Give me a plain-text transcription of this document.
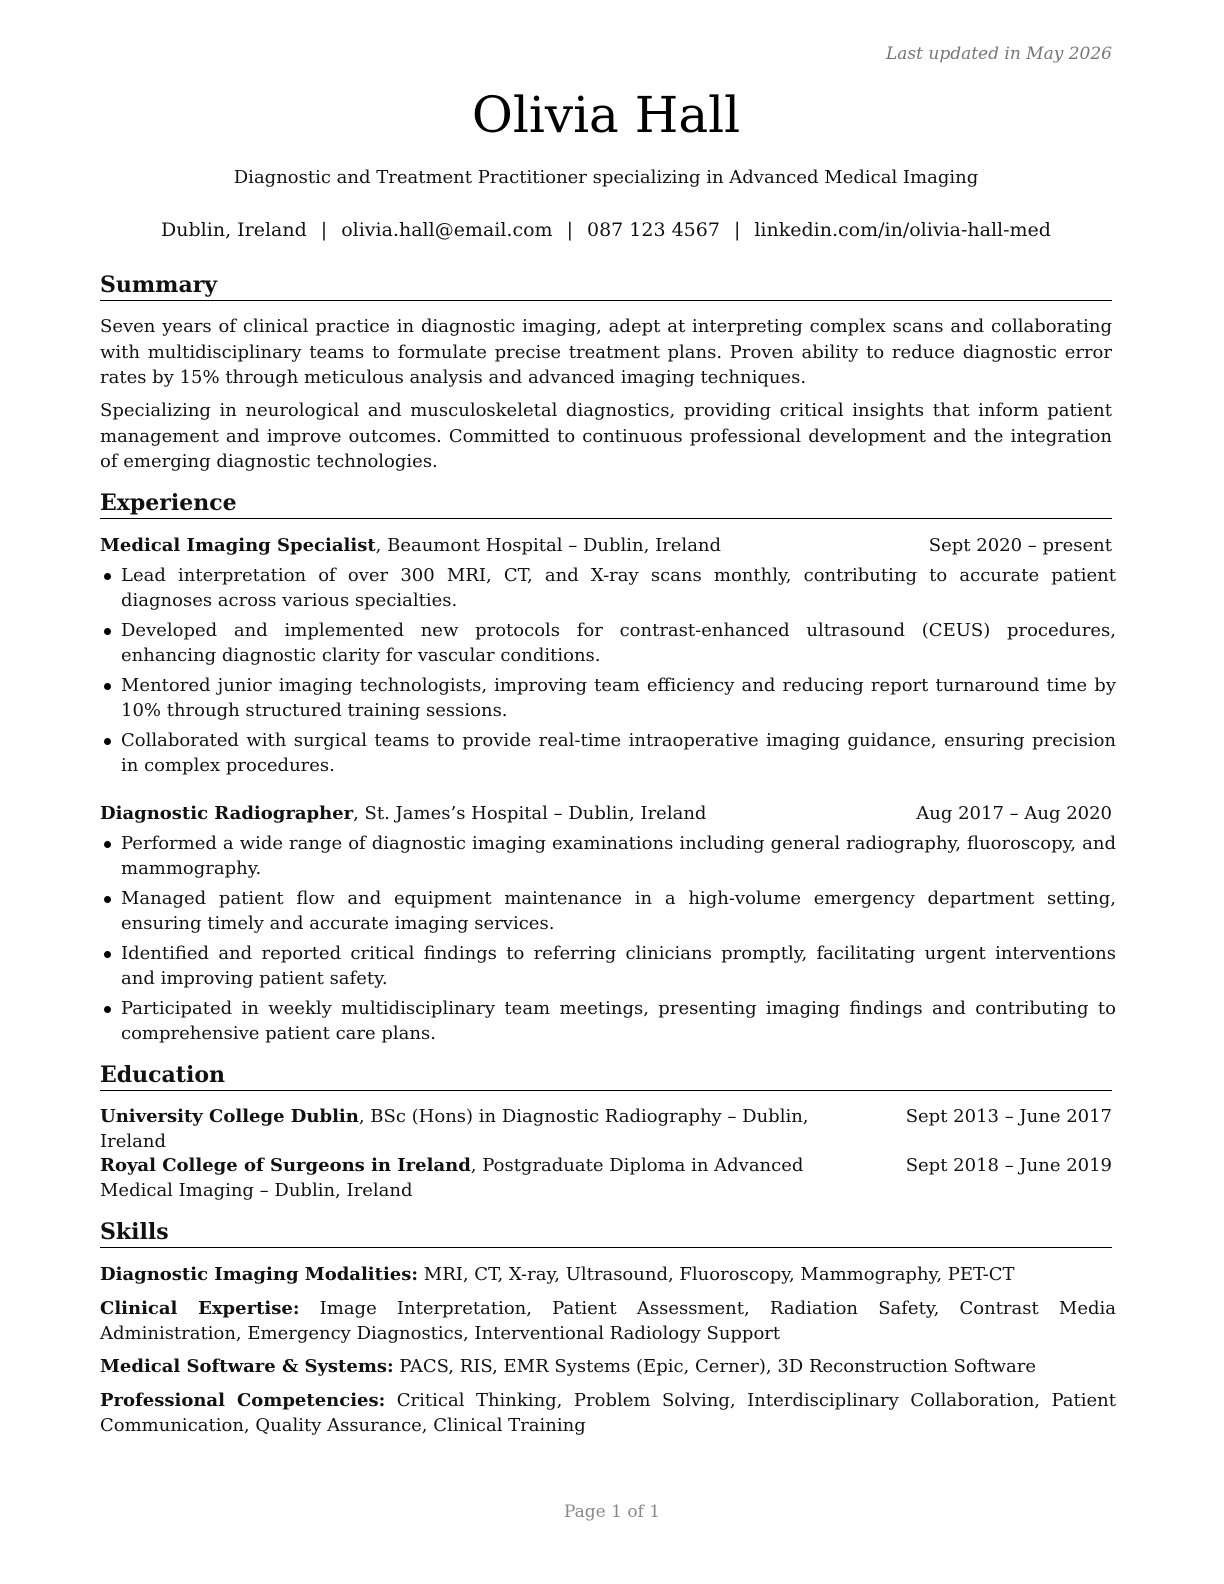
Last updated in May 2026
Olivia Hall
Diagnostic and Treatment Practitioner specializing in Advanced Medical Imaging
Dublin, Ireland | olivia.hall@email.com | 087 123 4567 | linkedin.com/in/olivia-hall-med
Summary
Seven years of clinical practice in diagnostic imaging, adept at interpreting complex scans and collaborating with multidisciplinary teams to formulate precise treatment plans. Proven ability to reduce diagnostic error rates by 15% through meticulous analysis and advanced imaging techniques.
Specializing in neurological and musculoskeletal diagnostics, providing critical insights that inform patient management and improve outcomes. Committed to continuous professional development and the integration of emerging diagnostic technologies.
Experience
Medical Imaging Specialist, Beaumont Hospital – Dublin, Ireland	Sept 2020 – present
Lead interpretation of over 300 MRI, CT, and X-ray scans monthly, contributing to accurate patient diagnoses across various specialties.
Developed and implemented new protocols for contrast-enhanced ultrasound (CEUS) procedures, enhancing diagnostic clarity for vascular conditions.
Mentored junior imaging technologists, improving team efficiency and reducing report turnaround time by 10% through structured training sessions.
Collaborated with surgical teams to provide real-time intraoperative imaging guidance, ensuring precision in complex procedures.
Diagnostic Radiographer, St. James’s Hospital – Dublin, Ireland	Aug 2017 – Aug 2020
Performed a wide range of diagnostic imaging examinations including general radiography, fluoroscopy, and mammography.
Managed patient flow and equipment maintenance in a high-volume emergency department setting, ensuring timely and accurate imaging services.
Identified and reported critical findings to referring clinicians promptly, facilitating urgent interventions and improving patient safety.
Participated in weekly multidisciplinary team meetings, presenting imaging findings and contributing to comprehensive patient care plans.
Education
University College Dublin, BSc (Hons) in Diagnostic Radiography – Dublin, Ireland
Sept 2013 – June 2017
Royal College of Surgeons in Ireland, Postgraduate Diploma in Advanced Medical Imaging – Dublin, Ireland
Sept 2018 – June 2019
Skills
Diagnostic Imaging Modalities: MRI, CT, X-ray, Ultrasound, Fluoroscopy, Mammography, PET-CT
Clinical Expertise: Image Interpretation, Patient Assessment, Radiation Safety, Contrast Media Administration, Emergency Diagnostics, Interventional Radiology Support
Medical Software & Systems: PACS, RIS, EMR Systems (Epic, Cerner), 3D Reconstruction Software
Professional Competencies: Critical Thinking, Problem Solving, Interdisciplinary Collaboration, Patient Communication, Quality Assurance, Clinical Training
Page 1 of 1
